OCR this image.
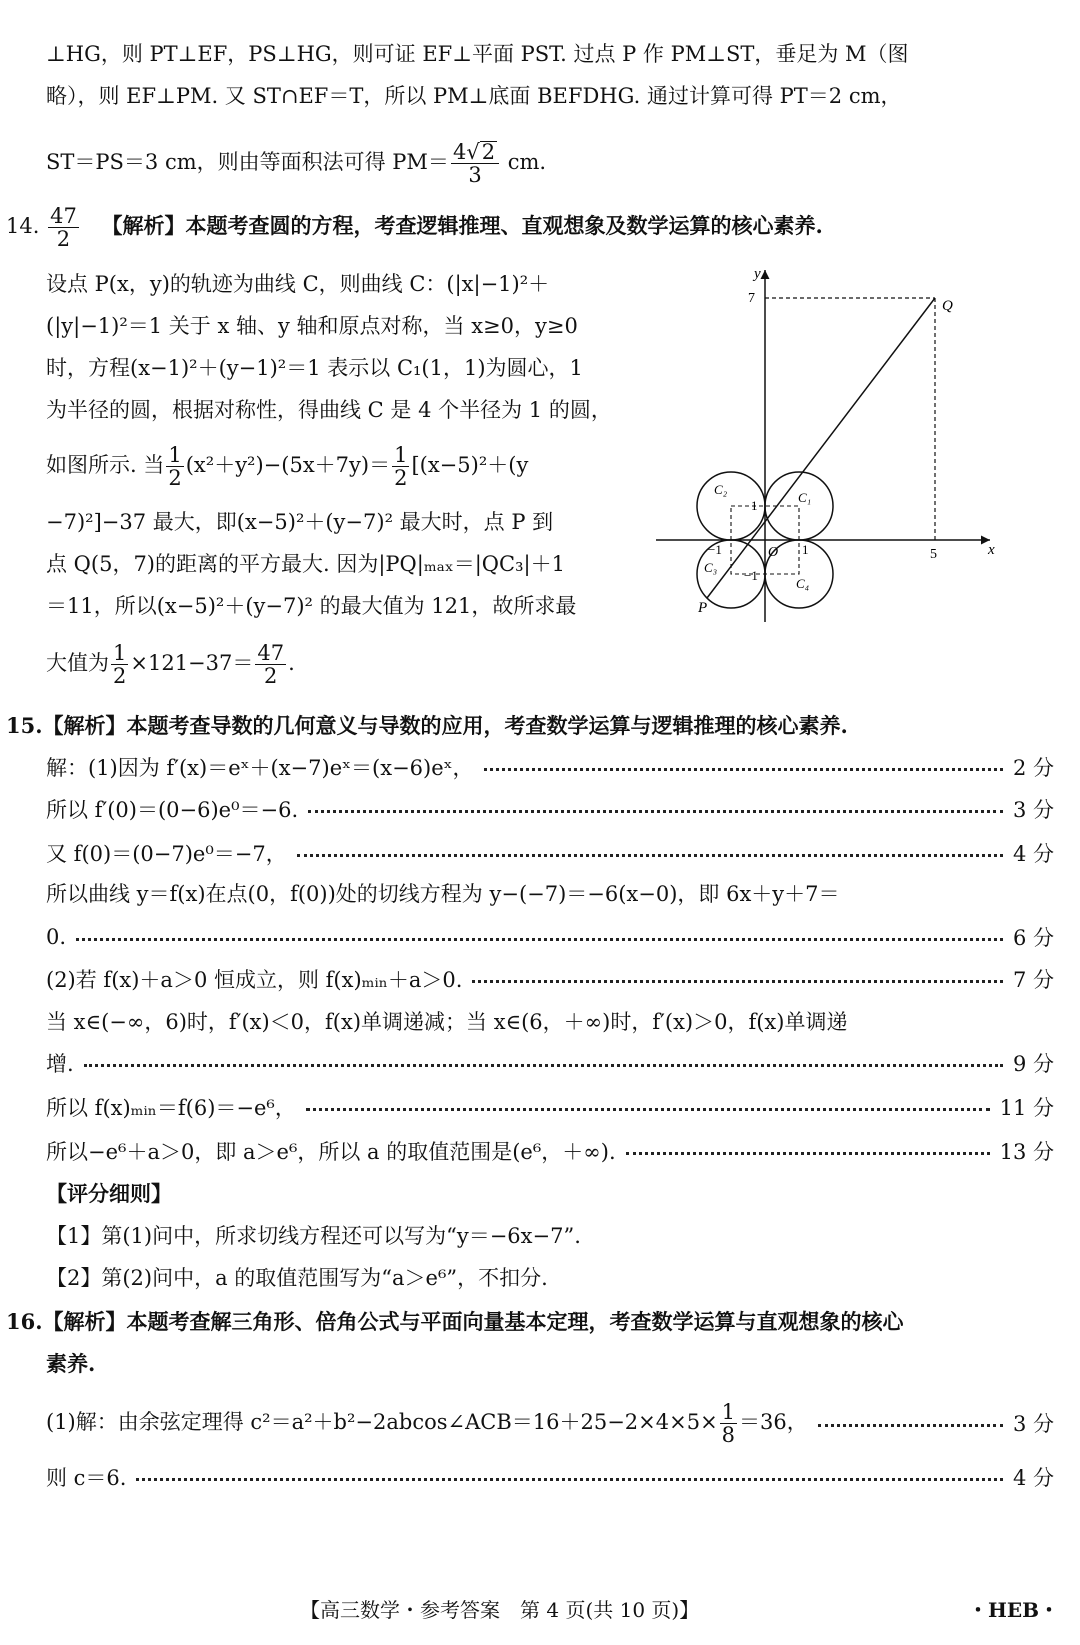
⊥HG，则 PT⊥EF，PS⊥HG，则可证 EF⊥平面 PST. 过点 P 作 PM⊥ST，垂足为 M（图
略），则 EF⊥PM. 又 ST∩EF＝T，所以 PM⊥底面 BEFDHG. 通过计算可得 PT＝2 cm，
ST＝PS＝3 cm，则由等面积法可得 $PM= \frac{4√2}{3}$ cm.
14. $\frac{47}{2}$ 【解析】本题考查圆的方程，考查逻辑推理、直观想象及数学运算的核心素养.
设点 P(x，y)的轨迹为曲线 C，则曲线 C：(|x|−1)²＋
(|y|−1)²＝1 关于 x 轴、y 轴和原点对称，当 x≥0，y≥0
时，方程(x−1)²＋(y−1)²＝1 表示以 C₁(1，1)为圆心，1
为半径的圆，根据对称性，得曲线 C 是 4 个半径为 1 的圆，
如图所示. 当 $\frac{1}{2} (x^2+y^2)-(5x+7y)= \frac{1}{2} [(x-5)^2+(y$
−7)²]−37 最大，即(x−5)²＋(y−7)² 最大时，点 P 到
点 Q(5，7)的距离的平方最大. 因为|PQ|ₘₐₓ＝|QC₃|＋1
＝11，所以(x−5)²＋(y−7)² 的最大值为 121，故所求最
大值为 $\frac{1}{2} \times 121-37= \frac{47}{2}$ .
y
x
7
5
Q
P
O
C₁
C₂
C₃
C₄
1
1
−1
−1
15.【解析】本题考查导数的几何意义与导数的应用，考查数学运算与逻辑推理的核心素养.
解：(1)因为 f′(x)＝eˣ＋(x−7)eˣ＝(x−6)eˣ，	2 分
所以 f′(0)＝(0−6)e⁰＝−6.	3 分
又 f(0)＝(0−7)e⁰＝−7，	4 分
所以曲线 y＝f(x)在点(0，f(0))处的切线方程为 y−(−7)＝−6(x−0)，即 6x＋y＋7＝
0.	6 分
(2)若 f(x)＋a＞0 恒成立，则 f(x)ₘᵢₙ＋a＞0.	7 分
当 x∈(−∞，6)时，f′(x)＜0，f(x)单调递减；当 x∈(6，＋∞)时，f′(x)＞0，f(x)单调递
增.	9 分
所以 f(x)ₘᵢₙ＝f(6)＝−e⁶，	11 分
所以−e⁶＋a＞0，即 a＞e⁶，所以 a 的取值范围是(e⁶，＋∞).	13 分
【评分细则】
【1】第(1)问中，所求切线方程还可以写为“y＝−6x−7”.
【2】第(2)问中，a 的取值范围写为“a＞e⁶”，不扣分.
16.【解析】本题考查解三角形、倍角公式与平面向量基本定理，考查数学运算与直观想象的核心
素养.
(1)解：由余弦定理得 c²＝a²＋b²−2abcos∠ACB＝16＋25−2×4×5× $\frac{1}{8} =36$，	3 分
则 c＝6.	4 分
【高三数学・参考答案　第 4 页(共 10 页)】	・HEB・
